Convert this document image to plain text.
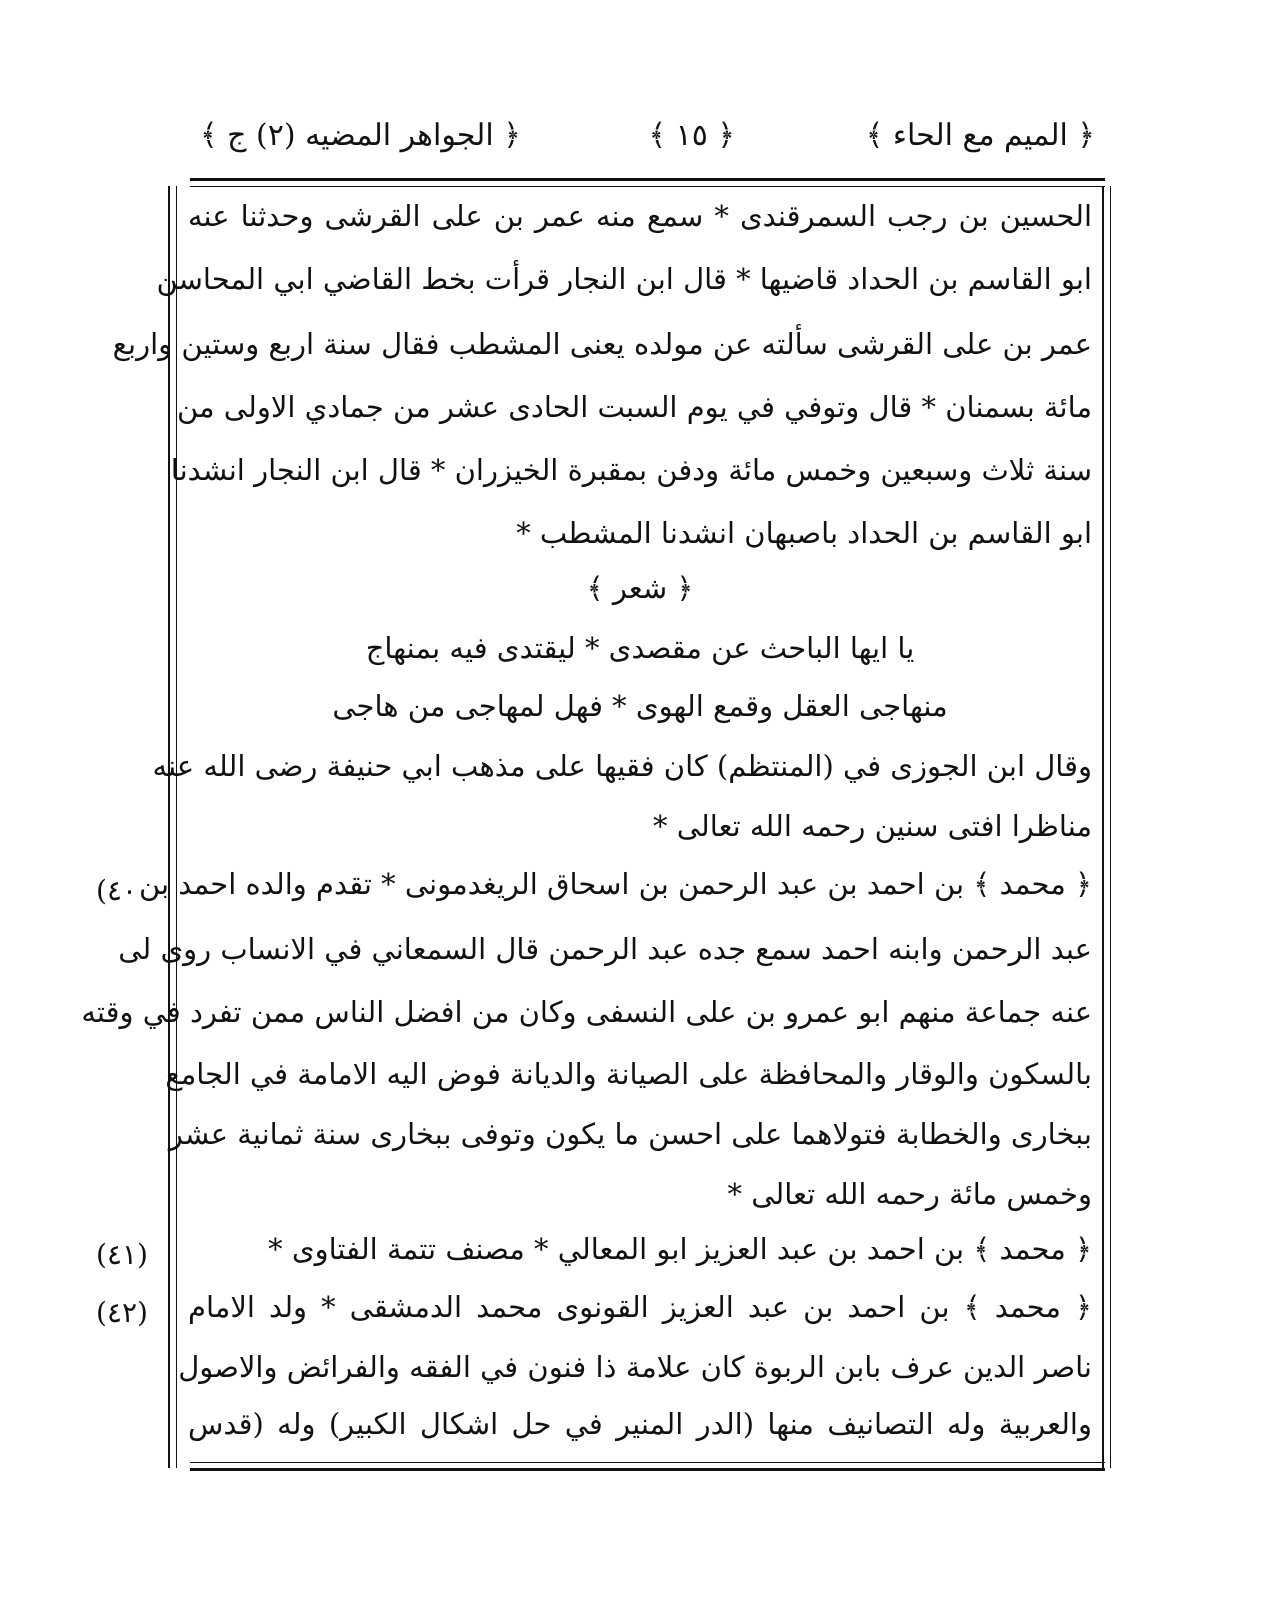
﴿ الميم مع الحاء ﴾
﴿ ١٥ ﴾
﴿ الجواهر المضيه (٢) ج ﴾
الحسين بن رجب السمرقندى * سمع منه عمر بن على القرشى وحدثنا عنه
ابو القاسم بن الحداد قاضيها * قال ابن النجار قرأت بخط القاضي ابي المحاسن
عمر بن على القرشى سألته عن مولده يعنى المشطب فقال سنة اربع وستين واربع
مائة بسمنان * قال وتوفي في يوم السبت الحادى عشر من جمادي الاولى من
سنة ثلاث وسبعين وخمس مائة ودفن بمقبرة الخيزران * قال ابن النجار انشدنا
ابو القاسم بن الحداد باصبهان انشدنا المشطب *
﴿ شعر ﴾
يا ايها الباحث عن مقصدى * ليقتدى فيه بمنهاج
منهاجى العقل وقمع الهوى * فهل لمهاجى من هاجى
وقال ابن الجوزى في (المنتظم) كان فقيها على مذهب ابي حنيفة رضى الله عنه
مناظرا افتى سنين رحمه الله تعالى *
﴿ محمد ﴾ بن احمد بن عبد الرحمن بن اسحاق الريغدمونى * تقدم والده احمد بن
عبد الرحمن وابنه احمد سمع جده عبد الرحمن قال السمعاني في الانساب روى لى
عنه جماعة منهم ابو عمرو بن على النسفى وكان من افضل الناس ممن تفرد في وقته
بالسكون والوقار والمحافظة على الصيانة والديانة فوض اليه الامامة في الجامع
ببخارى والخطابة فتولاهما على احسن ما يكون وتوفى ببخارى سنة ثمانية عشر
وخمس مائة رحمه الله تعالى *
﴿ محمد ﴾ بن احمد بن عبد العزيز ابو المعالي * مصنف تتمة الفتاوى *
﴿ محمد ﴾ بن احمد بن عبد العزيز القونوى محمد الدمشقى * ولد الامام
ناصر الدين عرف بابن الربوة كان علامة ذا فنون في الفقه والفرائض والاصول
والعربية وله التصانيف منها (الدر المنير في حل اشكال الكبير) وله (قدس
(٤٠
(٤١)
(٤٢)
